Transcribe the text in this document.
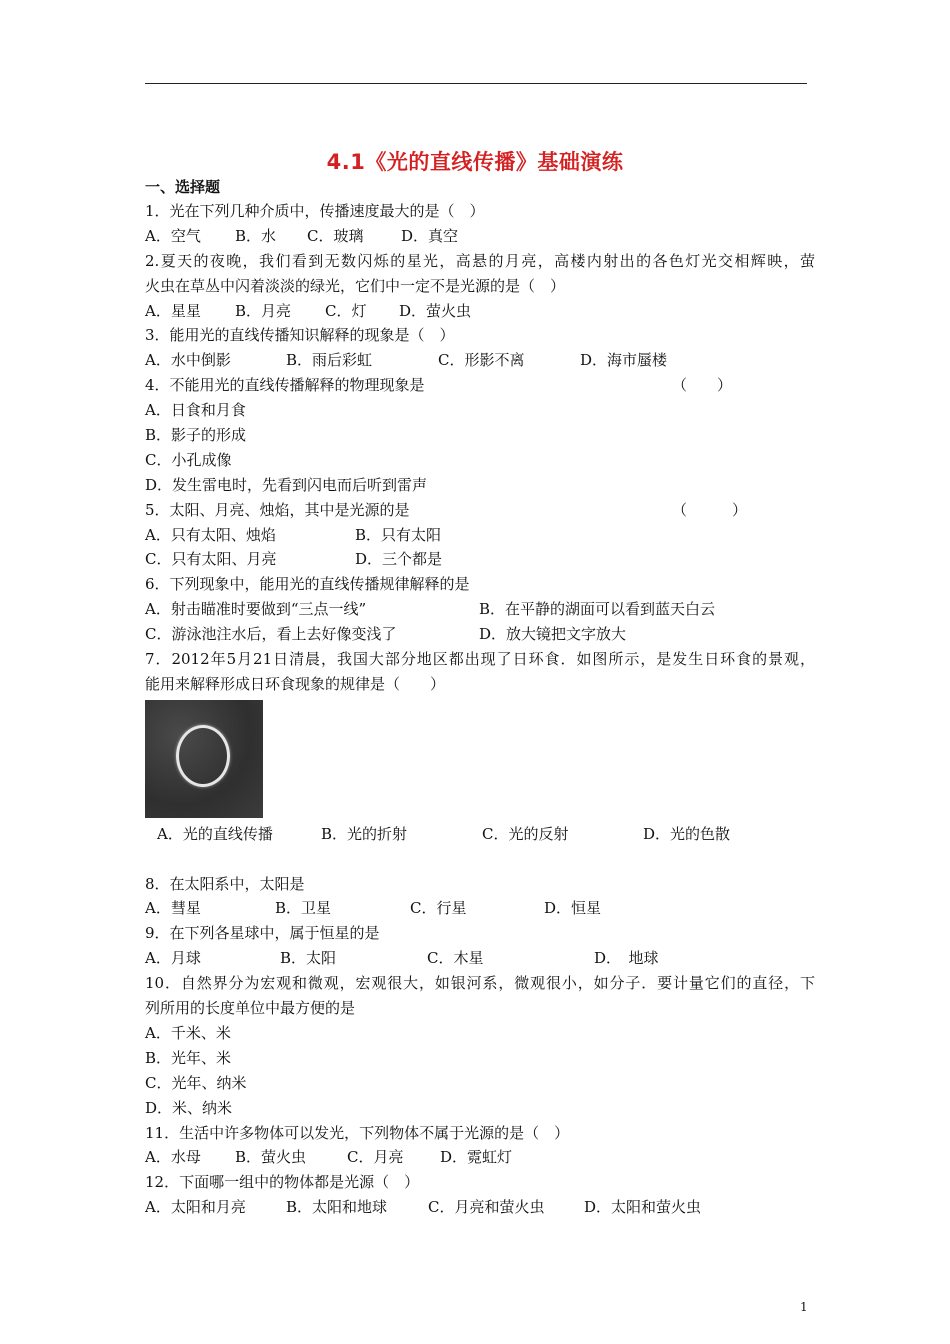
4.1《光的直线传播》基础演练
一、选择题
1．光在下列几种介质中，传播速度最大的是（　）
A．空气	B．水	C．玻璃	D．真空
2.夏天的夜晚，我们看到无数闪烁的星光，高悬的月亮，高楼内射出的各色灯光交相辉映，萤
火虫在草丛中闪着淡淡的绿光，它们中一定不是光源的是（　）
A．星星	B．月亮	C．灯	D．萤火虫
3．能用光的直线传播知识解释的现象是（　）
A．水中倒影	B．雨后彩虹	C．形影不离	D．海市蜃楼
4．不能用光的直线传播解释的物理现象是	（　　）
A．日食和月食
B．影子的形成
C．小孔成像
D．发生雷电时，先看到闪电而后听到雷声
5．太阳、月亮、烛焰，其中是光源的是	（　　　）
A．只有太阳、烛焰	B．只有太阳
C．只有太阳、月亮	D．三个都是
6．下列现象中，能用光的直线传播规律解释的是
A．射击瞄准时要做到“三点一线”	B．在平静的湖面可以看到蓝天白云
C．游泳池注水后，看上去好像变浅了	D．放大镜把文字放大
7．2012年5月21日清晨，我国大部分地区都出现了日环食．如图所示，是发生日环食的景观，
能用来解释形成日环食现象的规律是（　　）
A．光的直线传播	B．光的折射	C．光的反射	D．光的色散
8．在太阳系中，太阳是
A．彗星	B．卫星	C．行星	D．恒星
9．在下列各星球中，属于恒星的是
A．月球	B．太阳	C．木星	D．　地球
10．自然界分为宏观和微观，宏观很大，如银河系，微观很小，如分子．要计量它们的直径，下
列所用的长度单位中最方便的是
A．千米、米
B．光年、米
C．光年、纳米
D．米、纳米
11．生活中许多物体可以发光，下列物体不属于光源的是（　）
A．水母	B．萤火虫	C．月亮	D．霓虹灯
12．下面哪一组中的物体都是光源（　）
A．太阳和月亮	B．太阳和地球	C．月亮和萤火虫	D．太阳和萤火虫
1
